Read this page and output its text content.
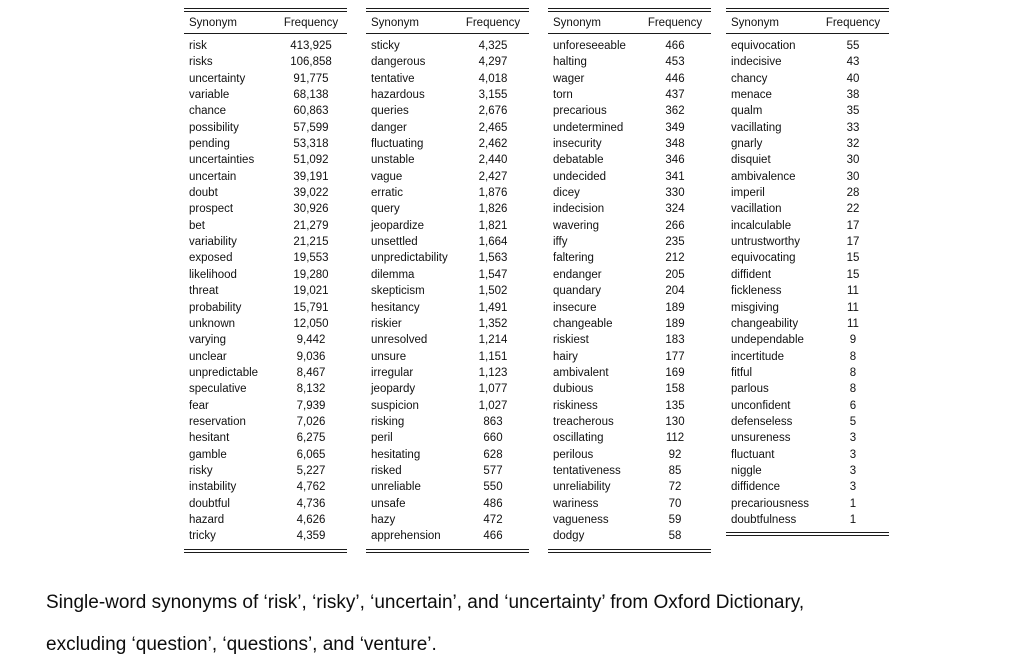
Synonym	Frequency
risk	413,925
risks	106,858
uncertainty	91,775
variable	68,138
chance	60,863
possibility	57,599
pending	53,318
uncertainties	51,092
uncertain	39,191
doubt	39,022
prospect	30,926
bet	21,279
variability	21,215
exposed	19,553
likelihood	19,280
threat	19,021
probability	15,791
unknown	12,050
varying	9,442
unclear	9,036
unpredictable	8,467
speculative	8,132
fear	7,939
reservation	7,026
hesitant	6,275
gamble	6,065
risky	5,227
instability	4,762
doubtful	4,736
hazard	4,626
tricky	4,359
Synonym	Frequency
sticky	4,325
dangerous	4,297
tentative	4,018
hazardous	3,155
queries	2,676
danger	2,465
fluctuating	2,462
unstable	2,440
vague	2,427
erratic	1,876
query	1,826
jeopardize	1,821
unsettled	1,664
unpredictability	1,563
dilemma	1,547
skepticism	1,502
hesitancy	1,491
riskier	1,352
unresolved	1,214
unsure	1,151
irregular	1,123
jeopardy	1,077
suspicion	1,027
risking	863
peril	660
hesitating	628
risked	577
unreliable	550
unsafe	486
hazy	472
apprehension	466
Synonym	Frequency
unforeseeable	466
halting	453
wager	446
torn	437
precarious	362
undetermined	349
insecurity	348
debatable	346
undecided	341
dicey	330
indecision	324
wavering	266
iffy	235
faltering	212
endanger	205
quandary	204
insecure	189
changeable	189
riskiest	183
hairy	177
ambivalent	169
dubious	158
riskiness	135
treacherous	130
oscillating	112
perilous	92
tentativeness	85
unreliability	72
wariness	70
vagueness	59
dodgy	58
Synonym	Frequency
equivocation	55
indecisive	43
chancy	40
menace	38
qualm	35
vacillating	33
gnarly	32
disquiet	30
ambivalence	30
imperil	28
vacillation	22
incalculable	17
untrustworthy	17
equivocating	15
diffident	15
fickleness	11
misgiving	11
changeability	11
undependable	9
incertitude	8
fitful	8
parlous	8
unconfident	6
defenseless	5
unsureness	3
fluctuant	3
niggle	3
diffidence	3
precariousness	1
doubtfulness	1
Single-word synonyms of ‘risk’, ‘risky’, ‘uncertain’, and ‘uncertainty’ from Oxford Dictionary,
excluding ‘question’, ‘questions’, and ‘venture’.
